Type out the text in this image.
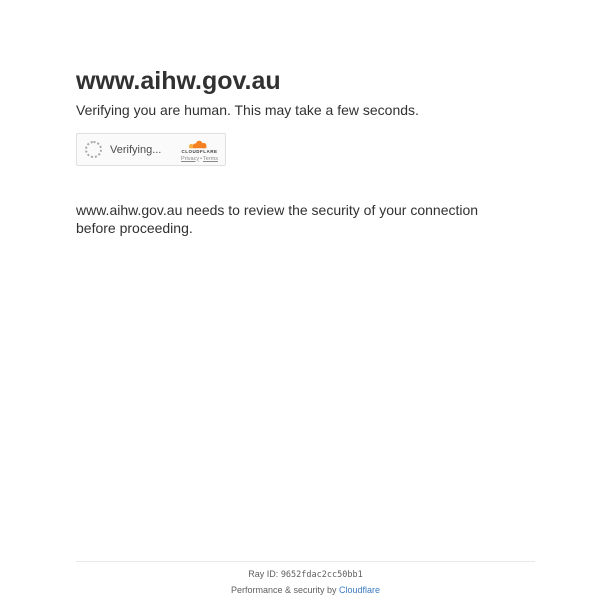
www.aihw.gov.au

Verifying you are human. This may take a few seconds.

Verifying...	CLOUDFLARE
Privacy•Terms

www.aihw.gov.au needs to review the security of your connection before proceeding.

Ray ID: 9652fdac2cc50bb1
Performance & security by Cloudflare
